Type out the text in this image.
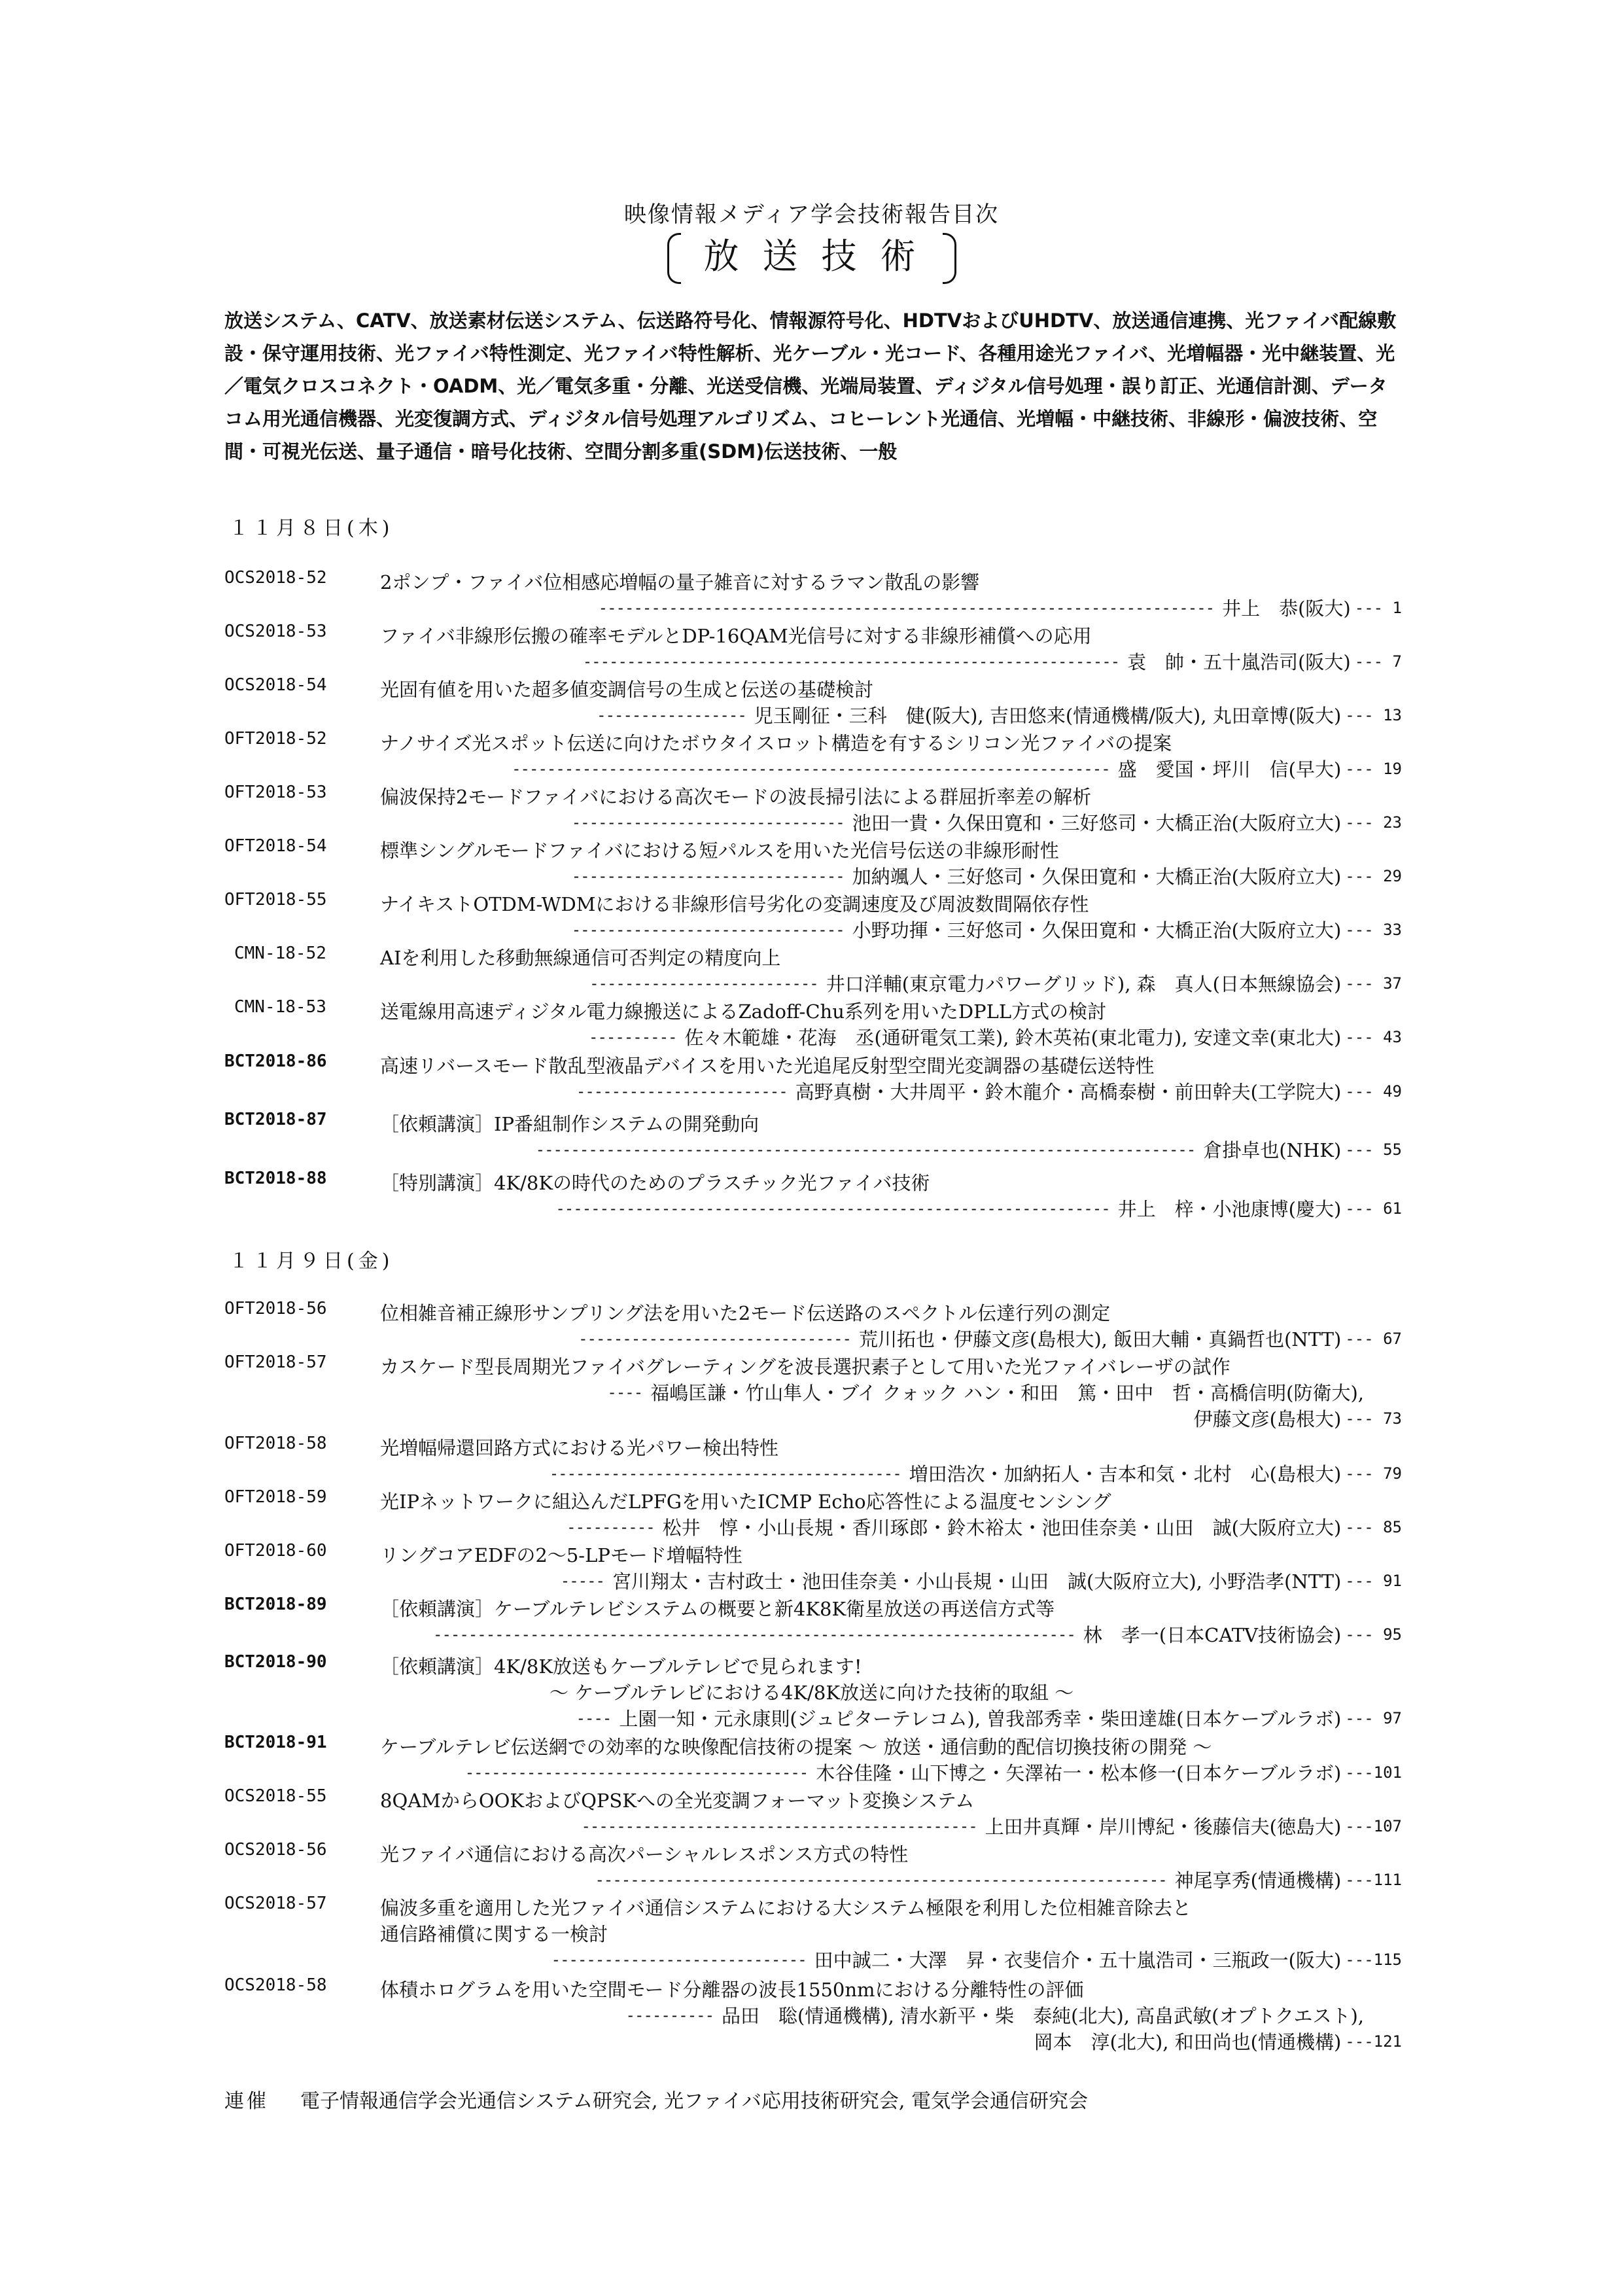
映像情報メディア学会技術報告目次
放送技術
放送システム、CATV、放送素材伝送システム、伝送路符号化、情報源符号化、HDTVおよびUHDTV、放送通信連携、光ファイバ配線敷設・保守運用技術、光ファイバ特性測定、光ファイバ特性解析、光ケーブル・光コード、各種用途光ファイバ、光増幅器・光中継装置、光／電気クロスコネクト・OADM、光／電気多重・分離、光送受信機、光端局装置、ディジタル信号処理・誤り訂正、光通信計測、データコム用光通信機器、光変復調方式、ディジタル信号処理アルゴリズム、コヒーレント光通信、光増幅・中継技術、非線形・偏波技術、空間・可視光伝送、量子通信・暗号化技術、空間分割多重(SDM)伝送技術、一般
１１月８日(木)
１１月９日(金)
OCS2018-52	2ポンプ・ファイバ位相感応増幅の量子雑音に対するラマン散乱の影響
---------------------------------------------------------------------- 井上　恭(阪大) --- 1
OCS2018-53	ファイバ非線形伝搬の確率モデルとDP-16QAM光信号に対する非線形補償への応用
------------------------------------------------------------- 袁　帥・五十嵐浩司(阪大) --- 7
OCS2018-54	光固有値を用いた超多値変調信号の生成と伝送の基礎検討
----------------- 児玉剛征・三科　健(阪大), 吉田悠来(情通機構/阪大), 丸田章博(阪大) --- 13
OFT2018-52	ナノサイズ光スポット伝送に向けたボウタイスロット構造を有するシリコン光ファイバの提案
-------------------------------------------------------------------- 盛　愛国・坪川　信(早大) --- 19
OFT2018-53	偏波保持2モードファイバにおける高次モードの波長掃引法による群屈折率差の解析
------------------------------- 池田一貴・久保田寛和・三好悠司・大橋正治(大阪府立大) --- 23
OFT2018-54	標準シングルモードファイバにおける短パルスを用いた光信号伝送の非線形耐性
------------------------------- 加納颯人・三好悠司・久保田寛和・大橋正治(大阪府立大) --- 29
OFT2018-55	ナイキストOTDM-WDMにおける非線形信号劣化の変調速度及び周波数間隔依存性
------------------------------- 小野功揮・三好悠司・久保田寛和・大橋正治(大阪府立大) --- 33
CMN-18-52	AIを利用した移動無線通信可否判定の精度向上
-------------------------- 井口洋輔(東京電力パワーグリッド), 森　真人(日本無線協会) --- 37
CMN-18-53	送電線用高速ディジタル電力線搬送によるZadoff-Chu系列を用いたDPLL方式の検討
---------- 佐々木範雄・花海　丞(通研電気工業), 鈴木英祐(東北電力), 安達文幸(東北大) --- 43
BCT2018-86	高速リバースモード散乱型液晶デバイスを用いた光追尾反射型空間光変調器の基礎伝送特性
------------------------ 高野真樹・大井周平・鈴木龍介・高橋泰樹・前田幹夫(工学院大) --- 49
BCT2018-87	［依頼講演］IP番組制作システムの開発動向
--------------------------------------------------------------------------- 倉掛卓也(NHK) --- 55
BCT2018-88	［特別講演］4K/8Kの時代のためのプラスチック光ファイバ技術
--------------------------------------------------------------- 井上　梓・小池康博(慶大) --- 61
OFT2018-56	位相雑音補正線形サンプリング法を用いた2モード伝送路のスペクトル伝達行列の測定
------------------------------- 荒川拓也・伊藤文彦(島根大), 飯田大輔・真鍋哲也(NTT) --- 67
OFT2018-57	カスケード型長周期光ファイバグレーティングを波長選択素子として用いた光ファイバレーザの試作
---- 福嶋匡謙・竹山隼人・ブイ クォック ハン・和田　篤・田中　哲・高橋信明(防衛大),
伊藤文彦(島根大) --- 73
OFT2018-58	光増幅帰還回路方式における光パワー検出特性
---------------------------------------- 増田浩次・加納拓人・吉本和気・北村　心(島根大) --- 79
OFT2018-59	光IPネットワークに組込んだLPFGを用いたICMP Echo応答性による温度センシング
---------- 松井　惇・小山長規・香川琢郎・鈴木裕太・池田佳奈美・山田　誠(大阪府立大) --- 85
OFT2018-60	リングコアEDFの2～5-LPモード増幅特性
----- 宮川翔太・吉村政士・池田佳奈美・小山長規・山田　誠(大阪府立大), 小野浩孝(NTT) --- 91
BCT2018-89	［依頼講演］ケーブルテレビシステムの概要と新4K8K衛星放送の再送信方式等
------------------------------------------------------------------------- 林　孝一(日本CATV技術協会) --- 95
BCT2018-90	［依頼講演］4K/8K放送もケーブルテレビで見られます!
～ ケーブルテレビにおける4K/8K放送に向けた技術的取組 ～
---- 上園一知・元永康則(ジュピターテレコム), 曽我部秀幸・柴田達雄(日本ケーブルラボ) --- 97
BCT2018-91	ケーブルテレビ伝送網での効率的な映像配信技術の提案 ～ 放送・通信動的配信切換技術の開発 ～
--------------------------------------- 木谷佳隆・山下博之・矢澤祐一・松本修一(日本ケーブルラボ) ---101
OCS2018-55	8QAMからOOKおよびQPSKへの全光変調フォーマット変換システム
--------------------------------------------- 上田井真輝・岸川博紀・後藤信夫(徳島大) ---107
OCS2018-56	光ファイバ通信における高次パーシャルレスポンス方式の特性
----------------------------------------------------------------- 神尾享秀(情通機構) ---111
OCS2018-57	偏波多重を適用した光ファイバ通信システムにおける大システム極限を利用した位相雑音除去と
通信路補償に関する一検討
----------------------------- 田中誠二・大澤　昇・衣斐信介・五十嵐浩司・三瓶政一(阪大) ---115
OCS2018-58	体積ホログラムを用いた空間モード分離器の波長1550nmにおける分離特性の評価
---------- 品田　聡(情通機構), 清水新平・柴　泰純(北大), 高畠武敏(オプトクエスト),
岡本　淳(北大), 和田尚也(情通機構) ---121
連催 電子情報通信学会光通信システム研究会, 光ファイバ応用技術研究会, 電気学会通信研究会
